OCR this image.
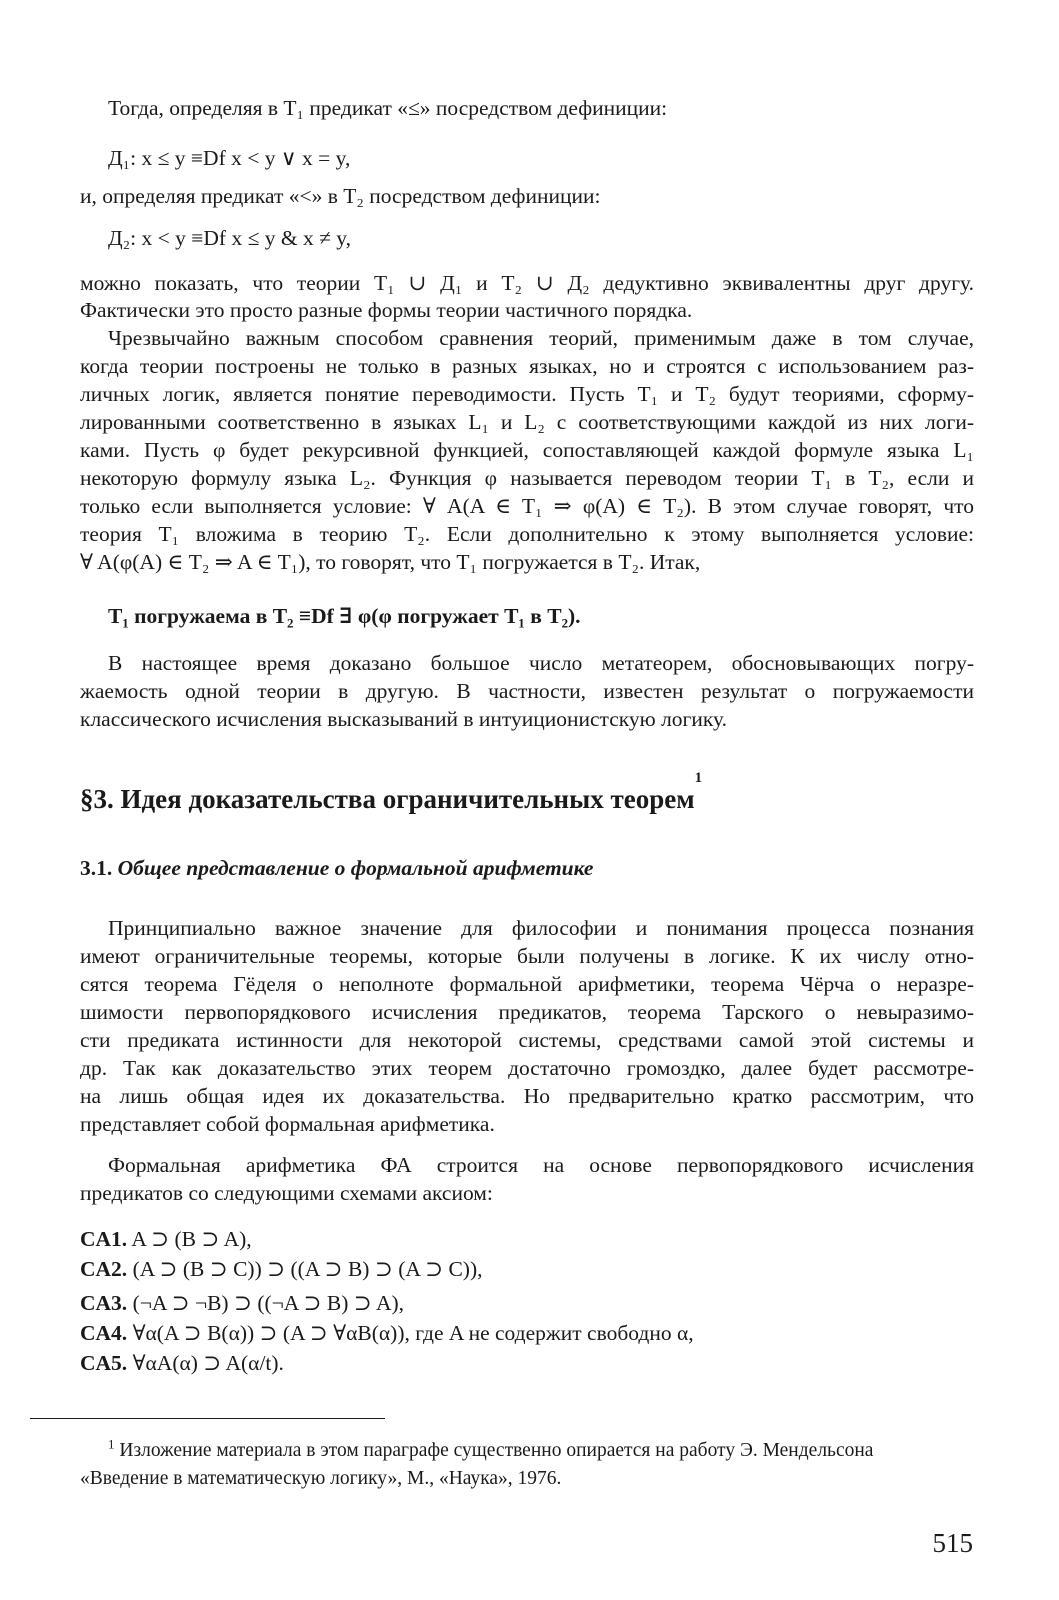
Тогда, определяя в T₁ предикат «≤» посредством дефиниции:
Д₁: x ≤ y ≡Df x < y ∨ x = y,
и, определяя предикат «<» в T₂ посредством дефиниции:
Д₂: x < y ≡Df x ≤ y & x ≠ y,
можно показать, что теории T₁ ∪ Д₁ и T₂ ∪ Д₂ дедуктивно эквивалентны друг другу.
Фактически это просто разные формы теории частичного порядка.
Чрезвычайно важным способом сравнения теорий, применимым даже в том случае,
когда теории построены не только в разных языках, но и строятся с использованием раз-
личных логик, является понятие переводимости. Пусть T₁ и T₂ будут теориями, сформу-
лированными соответственно в языках L₁ и L₂ с соответствующими каждой из них логи-
ками. Пусть φ будет рекурсивной функцией, сопоставляющей каждой формуле языка L₁
некоторую формулу языка L₂. Функция φ называется переводом теории T₁ в T₂, если и
только если выполняется условие: ∀ A(A ∈ T₁ ⇒ φ(A) ∈ T₂). В этом случае говорят, что
теория T₁ вложима в теорию T₂. Если дополнительно к этому выполняется условие:
∀ A(φ(A) ∈ T₂ ⇒ A ∈ T₁), то говорят, что T₁ погружается в T₂. Итак,
T₁ погружаема в T₂ ≡Df ∃ φ(φ погружает T₁ в T₂).
В настоящее время доказано большое число метатеорем, обосновывающих погру-
жаемость одной теории в другую. В частности, известен результат о погружаемости
классического исчисления высказываний в интуиционистскую логику.
§3. Идея доказательства ограничительных теорем$^1$
3.1. Общее представление о формальной арифметике
Принципиально важное значение для философии и понимания процесса познания
имеют ограничительные теоремы, которые были получены в логике. К их числу отно-
сятся теорема Гёделя о неполноте формальной арифметики, теорема Чёрча о неразре-
шимости первопорядкового исчисления предикатов, теорема Тарского о невыразимо-
сти предиката истинности для некоторой системы, средствами самой этой системы и
др. Так как доказательство этих теорем достаточно громоздко, далее будет рассмотре-
на лишь общая идея их доказательства. Но предварительно кратко рассмотрим, что
представляет собой формальная арифметика.
Формальная арифметика ФА строится на основе первопорядкового исчисления
предикатов со следующими схемами аксиом:
CA1. A ⊃ (B ⊃ A),
CA2. (A ⊃ (B ⊃ C)) ⊃ ((A ⊃ B) ⊃ (A ⊃ C)),
CA3. (¬A ⊃ ¬B) ⊃ ((¬A ⊃ B) ⊃ A),
CA4. ∀α(A ⊃ B(α)) ⊃ (A ⊃ ∀αB(α)), где A не содержит свободно α,
CA5. ∀αA(α) ⊃ A(α/t).
$^1$ Изложение материала в этом параграфе существенно опирается на работу Э. Мендельсона
«Введение в математическую логику», М., «Наука», 1976.
515
